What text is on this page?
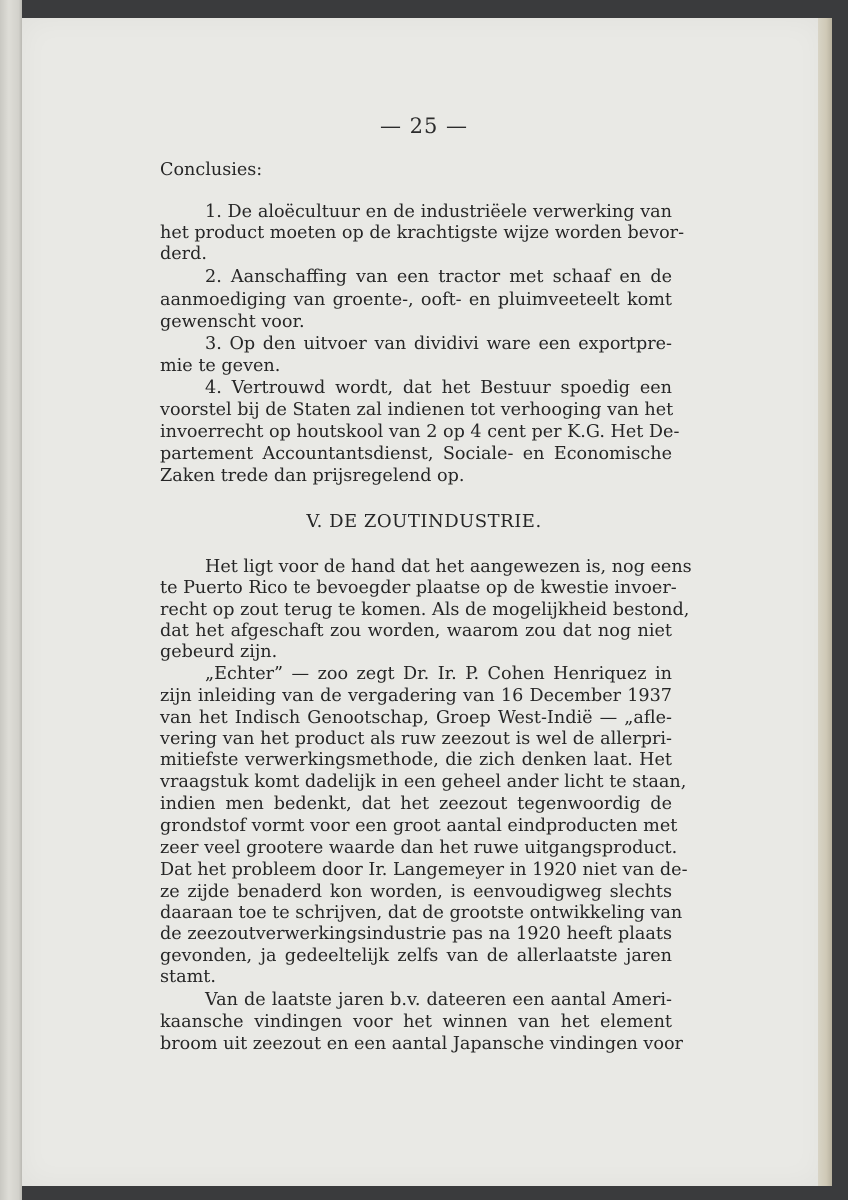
— 25 —
Conclusies:
1. De aloëcultuur en de industriëele verwerking van
het product moeten op de krachtigste wijze worden bevor-
derd.
2. Aanschaffing van een tractor met schaaf en de
aanmoediging van groente-, ooft- en pluimveeteelt komt
gewenscht voor.
3. Op den uitvoer van dividivi ware een exportpre-
mie te geven.
4. Vertrouwd wordt, dat het Bestuur spoedig een
voorstel bij de Staten zal indienen tot verhooging van het
invoerrecht op houtskool van 2 op 4 cent per K.G. Het De-
partement Accountantsdienst, Sociale- en Economische
Zaken trede dan prijsregelend op.
V. DE ZOUTINDUSTRIE.
Het ligt voor de hand dat het aangewezen is, nog eens
te Puerto Rico te bevoegder plaatse op de kwestie invoer-
recht op zout terug te komen. Als de mogelijkheid bestond,
dat het afgeschaft zou worden, waarom zou dat nog niet
gebeurd zijn.
„Echter” — zoo zegt Dr. Ir. P. Cohen Henriquez in
zijn inleiding van de vergadering van 16 December 1937
van het Indisch Genootschap, Groep West-Indië — „afle-
vering van het product als ruw zeezout is wel de allerpri-
mitiefste verwerkingsmethode, die zich denken laat. Het
vraagstuk komt dadelijk in een geheel ander licht te staan,
indien men bedenkt, dat het zeezout tegenwoordig de
grondstof vormt voor een groot aantal eindproducten met
zeer veel grootere waarde dan het ruwe uitgangsproduct.
Dat het probleem door Ir. Langemeyer in 1920 niet van de-
ze zijde benaderd kon worden, is eenvoudigweg slechts
daaraan toe te schrijven, dat de grootste ontwikkeling van
de zeezoutverwerkingsindustrie pas na 1920 heeft plaats
gevonden, ja gedeeltelijk zelfs van de allerlaatste jaren
stamt.
Van de laatste jaren b.v. dateeren een aantal Ameri-
kaansche vindingen voor het winnen van het element
broom uit zeezout en een aantal Japansche vindingen voor
